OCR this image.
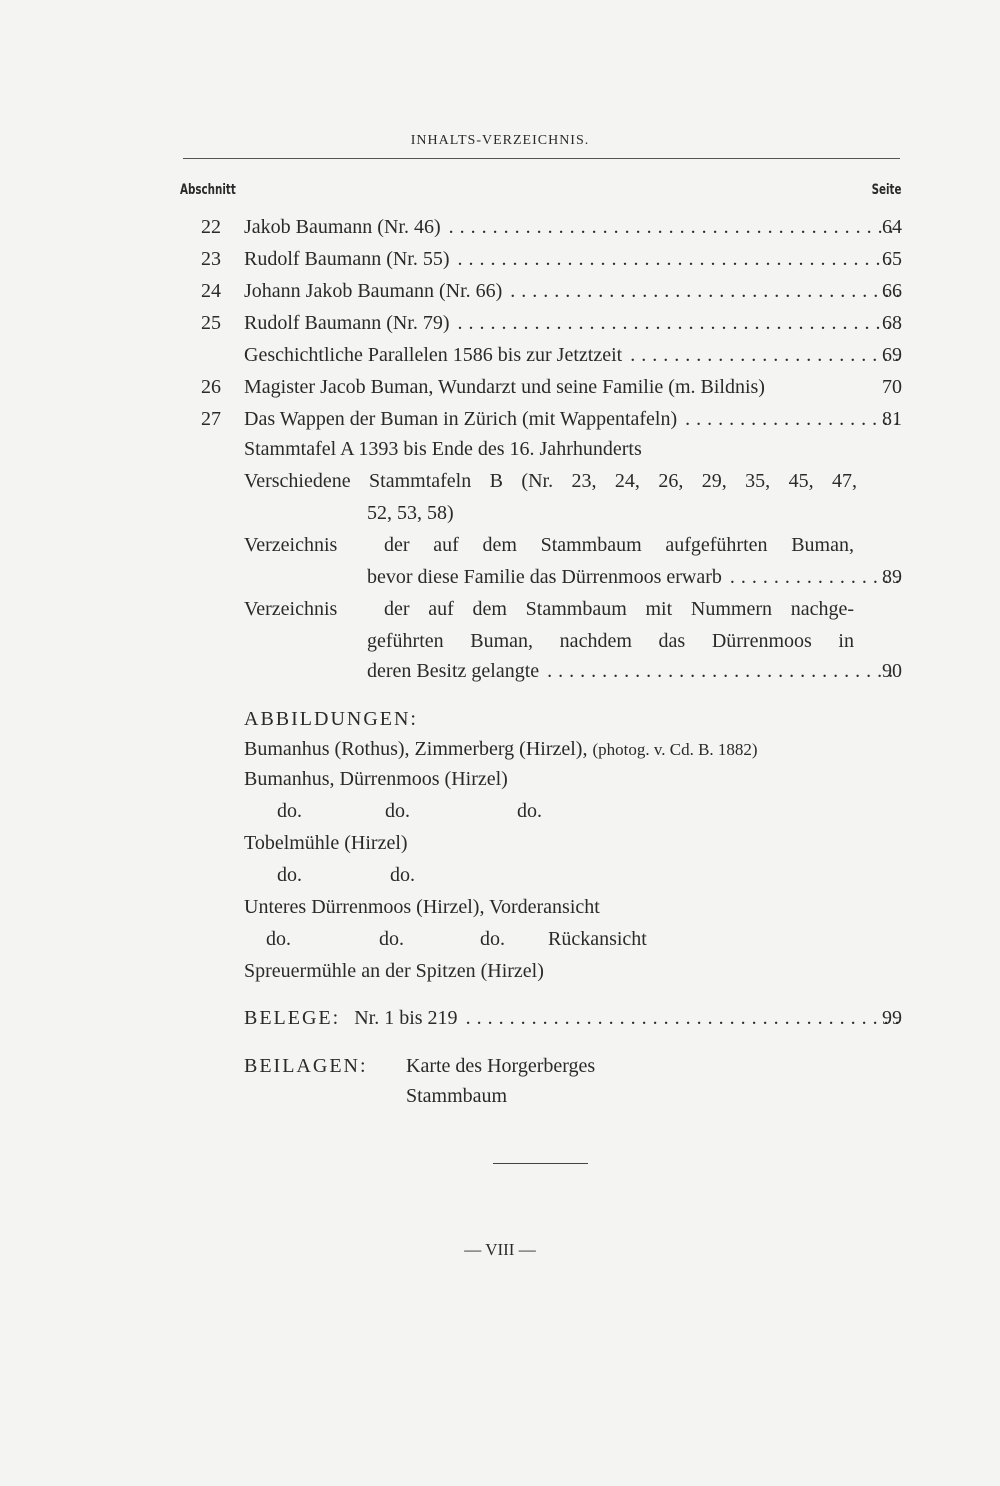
INHALTS-VERZEICHNIS.
Abschnitt	Seite
22 Jakob Baumann (Nr. 46) .....	64
23 Rudolf Baumann (Nr. 55) .....	65
24 Johann Jakob Baumann (Nr. 66) .....	66
25 Rudolf Baumann (Nr. 79) .....	68
Geschichtliche Parallelen 1586 bis zur Jetztzeit .....	69
26 Magister Jacob Buman, Wundarzt und seine Familie (m. Bildnis)	70
27 Das Wappen der Buman in Zürich (mit Wappentafeln) .....	81
Stammtafel A 1393 bis Ende des 16. Jahrhunderts
Verschiedene Stammtafeln B (Nr. 23, 24, 26, 29, 35, 45, 47,
52, 53, 58)
Verzeichnis der auf dem Stammbaum aufgeführten Buman,
bevor diese Familie das Dürrenmoos erwarb .....	89
Verzeichnis der auf dem Stammbaum mit Nummern nachge-
geführten Buman, nachdem das Dürrenmoos in
deren Besitz gelangte .....	90
ABBILDUNGEN:
Bumanhus (Rothus), Zimmerberg (Hirzel), (photog. v. Cd. B. 1882)
Bumanhus, Dürrenmoos (Hirzel)
do.	do.	do.
Tobelmühle (Hirzel)
do.	do.
Unteres Dürrenmoos (Hirzel), Vorderansicht
do.	do.	do. Rückansicht
Spreuermühle an der Spitzen (Hirzel)
BELEGE: Nr. 1 bis 219 .....	99
BEILAGEN: Karte des Horgerberges
Stammbaum
— VIII —
